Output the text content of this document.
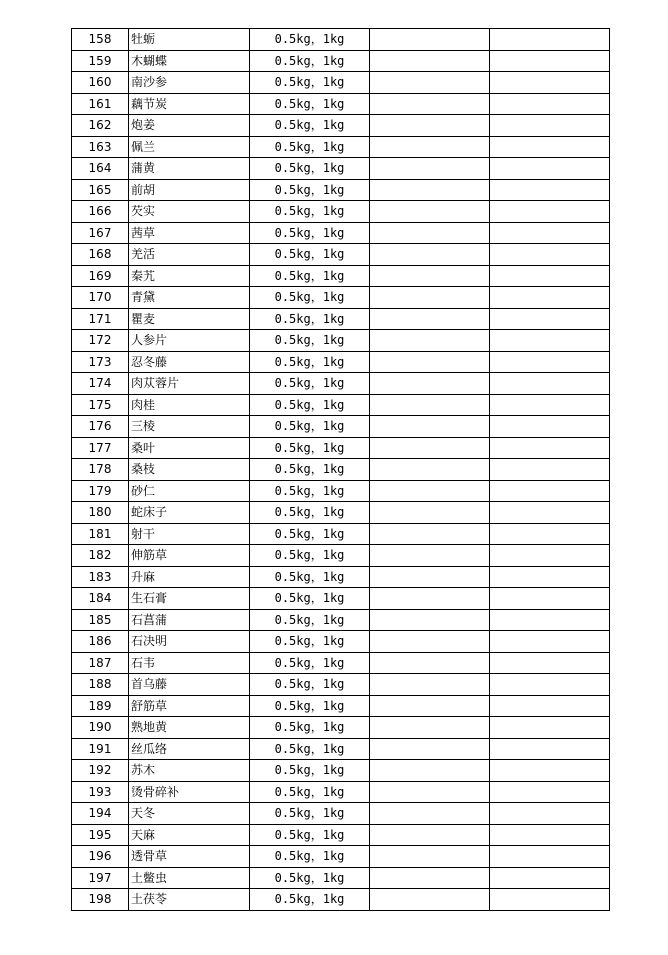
158	牡蛎	0.5kg，1kg		
159	木蝴蝶	0.5kg，1kg		
160	南沙参	0.5kg，1kg		
161	藕节炭	0.5kg，1kg		
162	炮姜	0.5kg，1kg		
163	佩兰	0.5kg，1kg		
164	蒲黄	0.5kg，1kg		
165	前胡	0.5kg，1kg		
166	芡实	0.5kg，1kg		
167	茜草	0.5kg，1kg		
168	羌活	0.5kg，1kg		
169	秦艽	0.5kg，1kg		
170	青黛	0.5kg，1kg		
171	瞿麦	0.5kg，1kg		
172	人参片	0.5kg，1kg		
173	忍冬藤	0.5kg，1kg		
174	肉苁蓉片	0.5kg，1kg		
175	肉桂	0.5kg，1kg		
176	三棱	0.5kg，1kg		
177	桑叶	0.5kg，1kg		
178	桑枝	0.5kg，1kg		
179	砂仁	0.5kg，1kg		
180	蛇床子	0.5kg，1kg		
181	射干	0.5kg，1kg		
182	伸筋草	0.5kg，1kg		
183	升麻	0.5kg，1kg		
184	生石膏	0.5kg，1kg		
185	石菖蒲	0.5kg，1kg		
186	石决明	0.5kg，1kg		
187	石韦	0.5kg，1kg		
188	首乌藤	0.5kg，1kg		
189	舒筋草	0.5kg，1kg		
190	熟地黄	0.5kg，1kg		
191	丝瓜络	0.5kg，1kg		
192	苏木	0.5kg，1kg		
193	烫骨碎补	0.5kg，1kg		
194	天冬	0.5kg，1kg		
195	天麻	0.5kg，1kg		
196	透骨草	0.5kg，1kg		
197	土鳖虫	0.5kg，1kg		
198	土茯苓	0.5kg，1kg		
